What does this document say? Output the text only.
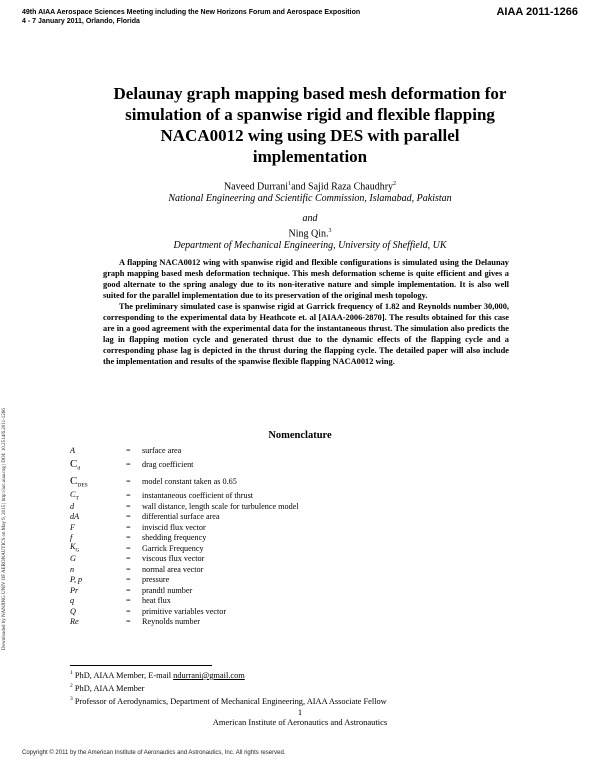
49th AIAA Aerospace Sciences Meeting including the New Horizons Forum and Aerospace Exposition
4 - 7 January 2011, Orlando, Florida
AIAA 2011-1266
Downloaded by NANJING UNIV OF AERONAUTICS on May 9, 2015 | http://arc.aiaa.org | DOI: 10.2514/6.2011-1266
Delaunay graph mapping based mesh deformation for
simulation of a spanwise rigid and flexible flapping
NACA0012 wing using DES with parallel
implementation
Naveed Durrani$^1$and Sajid Raza Chaudhry$^2$
National Engineering and Scientific Commission, Islamabad, Pakistan
and
Ning Qin.$^3$
Department of Mechanical Engineering, University of Sheffield, UK

A flapping NACA0012 wing with spanwise rigid and flexible configurations is simulated using the Delaunay graph mapping based mesh deformation technique. This mesh deformation scheme is quite efficient and gives a good alternate to the spring analogy due to its non-iterative nature and simple implementation. It is also well suited for the parallel implementation due to its preservation of the original mesh topology.

The preliminary simulated case is spanwise rigid at Garrick frequency of 1.82 and Reynolds number 30,000, corresponding to the experimental data by Heathcote et. al [AIAA-2006-2870]. The results obtained for this case are in a good agreement with the experimental data for the instantaneous thrust. The simulation also predicts the lag in flapping motion cycle and generated thrust due to the dynamic effects of the flapping cycle and a corresponding phase lag is depicted in the thrust during the flapping cycle. The detailed paper will also include the implementation and results of the spanwise flexible flapping NACA0012 wing.

Nomenclature
A	=	surface area
$C_d$	=	drag coefficient
$C_{DES}$	=	model constant taken as 0.65
$C_T$	=	instantaneous coefficient of thrust
d	=	wall distance, length scale for turbulence model
dA	=	differential surface area
F	=	inviscid flux vector
f	=	shedding frequency
$K_G$	=	Garrick Frequency
G	=	viscous flux vector
n	=	normal area vector
P, p	=	pressure
Pr	=	prandtl number
q	=	heat flux
Q	=	primitive variables vector
Re	=	Reynolds number
$^1$ PhD, AIAA Member, E-mail ndurrani@gmail.com
$^2$ PhD, AIAA Member
$^3$ Professor of Aerodynamics, Department of Mechanical Engineering, AIAA Associate Fellow
1
American Institute of Aeronautics and Astronautics
Copyright © 2011 by the American Institute of Aeronautics and Astronautics, Inc. All rights reserved.
